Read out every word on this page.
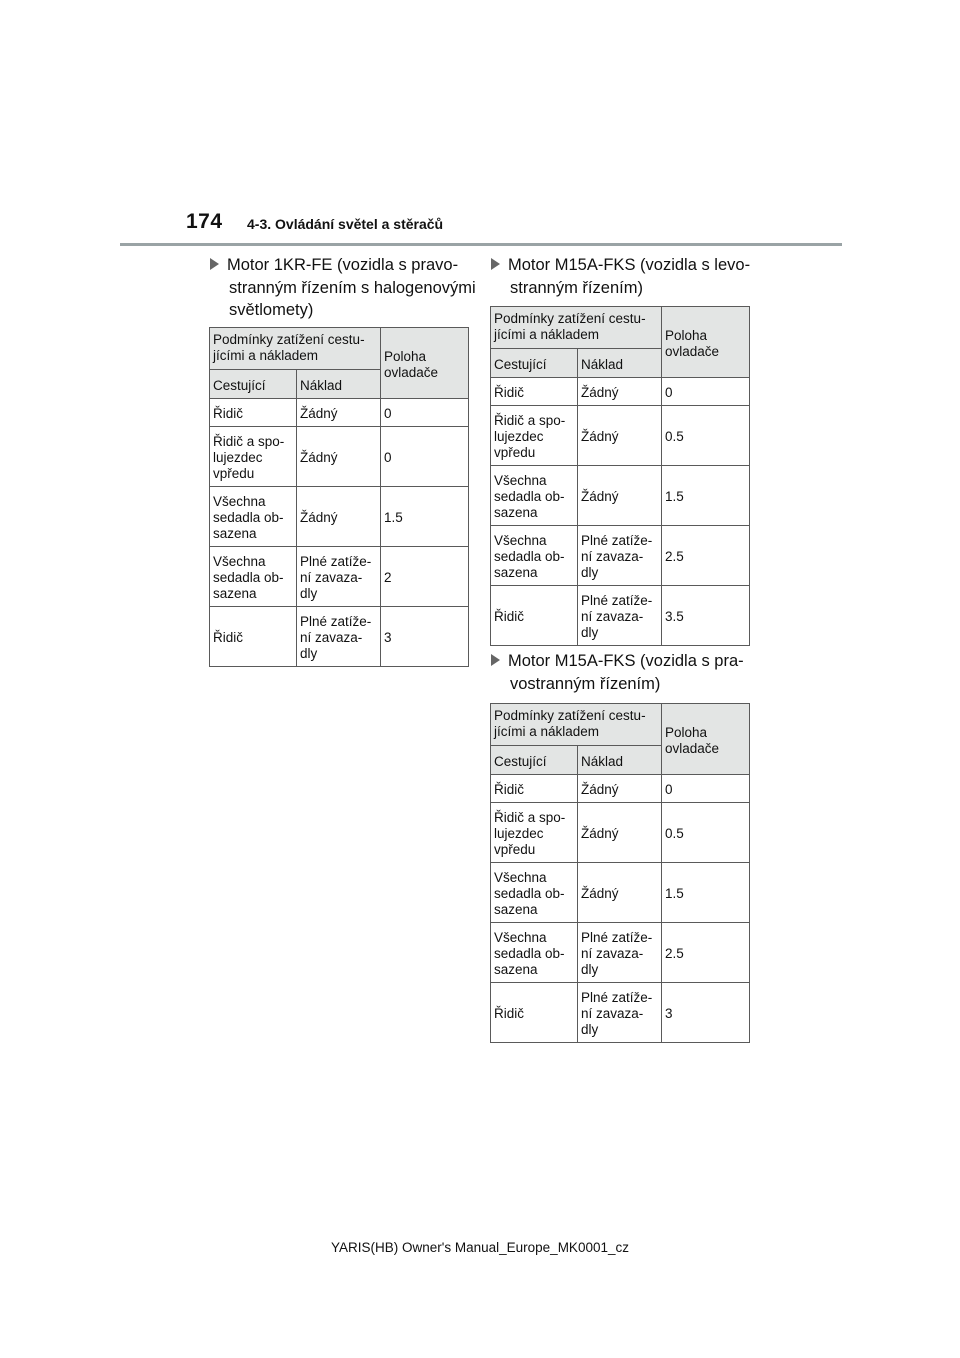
174 4-3. Ovládání světel a stěračů
Motor 1KR-FE (vozidla s pravo-
stranným řízením s halogenovými
světlomety)
Podmínky zatížení cestu-
jícími a nákladem		Poloha
ovladače

Cestující	Náklad	

Řidič	Žádný	0

Řidič a spo-
lujezdec
vpředu	Žádný	0

Všechna
sedadla ob-
sazena	Žádný	1.5

Všechna
sedadla ob-
sazena	Plné zatíže-
ní zavaza-
dly	2

Řidič	Plné zatíže-
ní zavaza-
dly	3
Motor M15A-FKS (vozidla s levo-
stranným řízením)
Podmínky zatížení cestu-
jícími a nákladem		Poloha
ovladače

Cestující	Náklad	

Řidič	Žádný	0

Řidič a spo-
lujezdec
vpředu	Žádný	0.5

Všechna
sedadla ob-
sazena	Žádný	1.5

Všechna
sedadla ob-
sazena	Plné zatíže-
ní zavaza-
dly	2.5

Řidič	Plné zatíže-
ní zavaza-
dly	3.5
Motor M15A-FKS (vozidla s pra-
vostranným řízením)
Podmínky zatížení cestu-
jícími a nákladem		Poloha
ovladače

Cestující	Náklad	

Řidič	Žádný	0

Řidič a spo-
lujezdec
vpředu	Žádný	0.5

Všechna
sedadla ob-
sazena	Žádný	1.5

Všechna
sedadla ob-
sazena	Plné zatíže-
ní zavaza-
dly	2.5

Řidič	Plné zatíže-
ní zavaza-
dly	3
YARIS(HB) Owner's Manual_Europe_MK0001_cz
